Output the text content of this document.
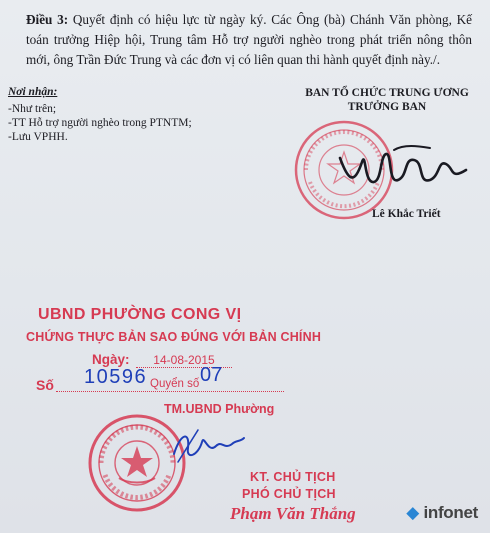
Điều 3: Quyết định có hiệu lực từ ngày ký. Các Ông (bà) Chánh Văn phòng, Kế toán trưởng Hiệp hội, Trung tâm Hỗ trợ người nghèo trong phát triển nông thôn mới, ông Trần Đức Trung và các đơn vị có liên quan thi hành quyết định này./.
Nơi nhận:
-Như trên;
-TT Hỗ trợ người nghèo trong PTNTM;
-Lưu VPHH.
BAN TỔ CHỨC TRUNG ƯƠNG
TRƯỞNG BAN
Lê Khắc Triết
UBND PHƯỜNG CONG VỊ
CHỨNG THỰC BẢN SAO ĐÚNG VỚI BẢN CHÍNH
Ngày:	14-08-2015
Số 10596 Quyển số 07
TM.UBND Phường
KT. CHỦ TỊCH
PHÓ CHỦ TỊCH
Phạm Văn Thắng	◆ infonet
